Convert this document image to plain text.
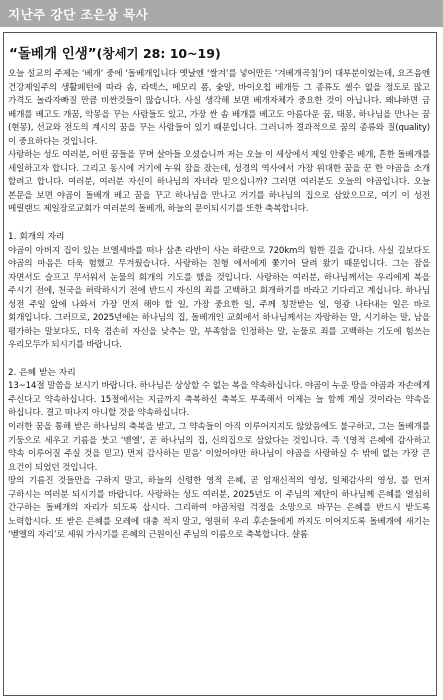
지난주 강단 조은상 목사
“돌베개 인생”(창세기 28: 10~19)

오늘 설교의 주제는 ‘베개’ 중에 ‘돌베개입니다 옛날엔 ‘쌀겨’를 넣어만든 ‘겨베개곡침’)이 대부분이었는데, 요즈음엔 건강제일주의 생활패턴에 따라 솜, 라텍스, 메모리 폼, 숯알, 바이오칩 베개등 그 종류도 셀수 없을 정도로 많고 가격도 놀라자빠질 만큼 비싼것들이 많습니다. 사실 생각해 보면 베개자체가 중요한 것이 아닙니다. 왜냐하면 금 베개를 베고도 개꿈, 악몽을 꾸는 사람들도 있고, 가장 싼 솜 베개를 베고도 아름다운 꿈, 태몽, 하나님을 만나는 꿈(현몽), 선교와 전도의 계시의 꿈을 꾸는 사람들이 있기 때문입니다. 그러니까 결과적으로 꿈의 종류와 질(quality)이 중요하다는 것입니다.

사랑하는 성도 여러분, 어떤 꿈들을 꾸며 살아들 오셨습니까 저는 오늘 이 세상에서 제일 안좋은 베개, 흔한 돌베개를 세일하고자 합니다. 그리고 동시에 거기에 누워 잠을 잤는데, 성경의 역사에서 가장 위대한 꿈을 꾼 한 야곱을 소개 할려고 합니다. 여러분, 여러분 자신이 하나님의 자녀라 믿으십니까? 그러면 여러분도 오늘의 야곱입니다. 오늘 본문을 보면 야곱이 돌베개 베고 꿈을 꾸고 하나님을 만나고 거기를 하나님의 집으로 삼았으므로, 여기 이 성전 메릴랜드 제일장로교회가 여러분의 돌베개, 하늘의 문이되시기를 또한 축복합니다.

1. 회개의 자리

야곱이 아버지 집이 있는 브엘세바를 떠나 삼촌 라반이 사는 하란으로 720km의 험한 길을 갑니다. 사실 길보다도 야곱의 마음은 더욱 험했고 무겨웠습니다. 사랑하는 친형 에서에게 쫓기어 달려 왔기 때문입니다. 그는 잠을 자면서도 슬프고 무서워서 눈물의 회개의 기도를 했을 것입니다. 사랑하는 여러분, 하나님께서는 우리에게 복을 주시기 전에, 천국을 허락하시기 전에 반드시 자신의 죄를 고백하고 회개하기를 바라고 기다리고 계십니다. 하나님 성전 주일 앞에 나와서 가장 먼저 해야 할 일, 가장 중요한 일, 주께 칭찬받는 일, 영광 나타내는 일은 바로 회개입니다. 그러므로, 2025년에는 하나님의 집, 돌베개인 교회에서 하나님께서는 자랑하는 말, 시기하는 말, 남을 평가하는 말보다도, 더욱 겸손히 자신을 낮추는 말, 부족함을 인정하는 말, 눈물로 죄를 고백하는 기도에 힘쓰는 우리모두가 되시기를 바랍니다.

2. 은혜 받는 자리

13~14절 말씀을 보시기 바랍니다. 하나님은 상상할 수 없는 복을 약속하십니다. 야곱이 누운 땅을 야곱과 자손에게 주신다고 약속하십니다. 15절에서는 지금까지 축복하신 축복도 부족해서 이제는 늘 함께 계실 것이라는 약속을 하십니다. 결고 떠나지 아니할 것을 약속하십니다.

이러한 꿈을 통해 받은 하나님의 축복을 받고, 그 약속들이 아직 이루어지지도 않았음에도 불구하고, 그는 돌베개를 기둥으로 세우고 기름을 붓고 ‘벧엘’, 곧 하나님의 집, 신의집으로 삼았다는 것입니다. 즉 ‘(영적 은혜에 감사하고 약속 이루어질 주실 것을 믿고) 먼저 감사하는 믿음’ 이었어야만 하나님이 야곱을 사랑하실 수 밖에 없는 가장 큰 요건이 되었던 것입니다.

땅의 기름진 것들만을 구하지 말고, 하늘의 신령한 영적 은혜, 곧 임재신적의 영성, 일체감사의 영성, 를 먼저 구하시는 여러분 되시기를 바랍니다. 사랑하는 성도 여러분, 2025년도 이 주님의 제단이 하나님께 은혜를 열심히 간구하는 돌베개의 자리가 되도록 삽시다. 그리하여 야곱처럼 걱정을 소망으로 바꾸는 은혜를 반드시 받도록 노력합시다. 또 받은 은혜를 모레에 대충 적지 말고, 영원히 우리 후손들에게 까지도 이어지도록 돌베개에 새기는 ‘벧엘의 자리’로 세워 가시기를 은혜의 근원이신 주님의 이름으로 축복합니다. 샬롬
